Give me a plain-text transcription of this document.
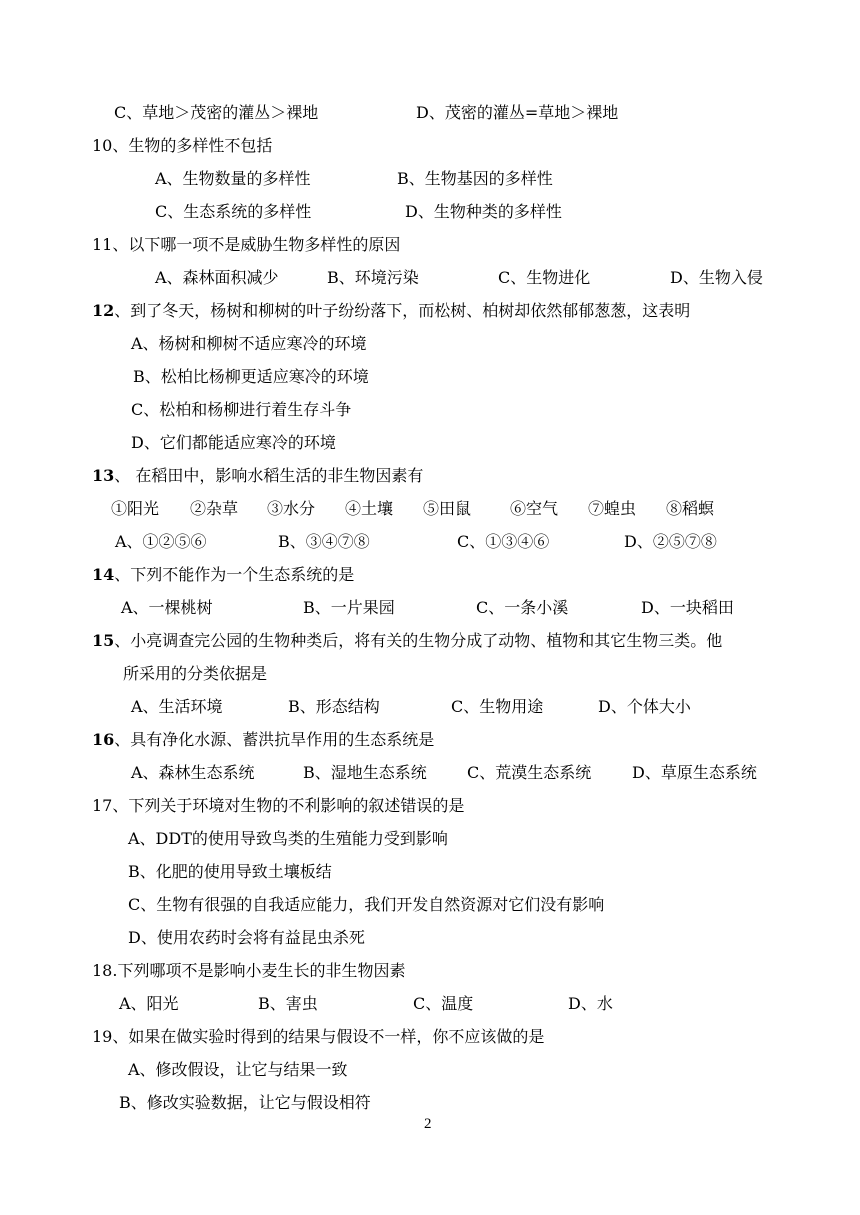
C、草地＞茂密的灌丛＞裸地	D、茂密的灌丛=草地＞裸地
10、生物的多样性不包括
A、生物数量的多样性	B、生物基因的多样性
C、生态系统的多样性	D、生物种类的多样性
11、以下哪一项不是威胁生物多样性的原因
A、森林面积减少	B、环境污染	C、生物进化	D、生物入侵
12、到了冬天，杨树和柳树的叶子纷纷落下，而松树、柏树却依然郁郁葱葱，这表明
A、杨树和柳树不适应寒冷的环境
B、松柏比杨柳更适应寒冷的环境
C、松柏和杨柳进行着生存斗争
D、它们都能适应寒冷的环境
13、 在稻田中，影响水稻生活的非生物因素有
①阳光 ②杂草 ③水分 ④土壤 ⑤田鼠 ⑥空气 ⑦蝗虫 ⑧稻螟
A、①②⑤⑥	B、③④⑦⑧	C、①③④⑥	D、②⑤⑦⑧
14、下列不能作为一个生态系统的是
A、一棵桃树	B、一片果园	C、一条小溪	D、一块稻田
15、小亮调查完公园的生物种类后，将有关的生物分成了动物、植物和其它生物三类。他
所采用的分类依据是
A、生活环境	B、形态结构	C、生物用途	D、个体大小
16、具有净化水源、蓄洪抗旱作用的生态系统是
A、森林生态系统	B、湿地生态系统	C、荒漠生态系统	D、草原生态系统
17、下列关于环境对生物的不利影响的叙述错误的是
A、DDT的使用导致鸟类的生殖能力受到影响
B、化肥的使用导致土壤板结
C、生物有很强的自我适应能力，我们开发自然资源对它们没有影响
D、使用农药时会将有益昆虫杀死
18.下列哪项不是影响小麦生长的非生物因素
A、阳光	B、害虫	C、温度	D、水
19、如果在做实验时得到的结果与假设不一样，你不应该做的是
A、修改假设，让它与结果一致
B、修改实验数据，让它与假设相符
2
